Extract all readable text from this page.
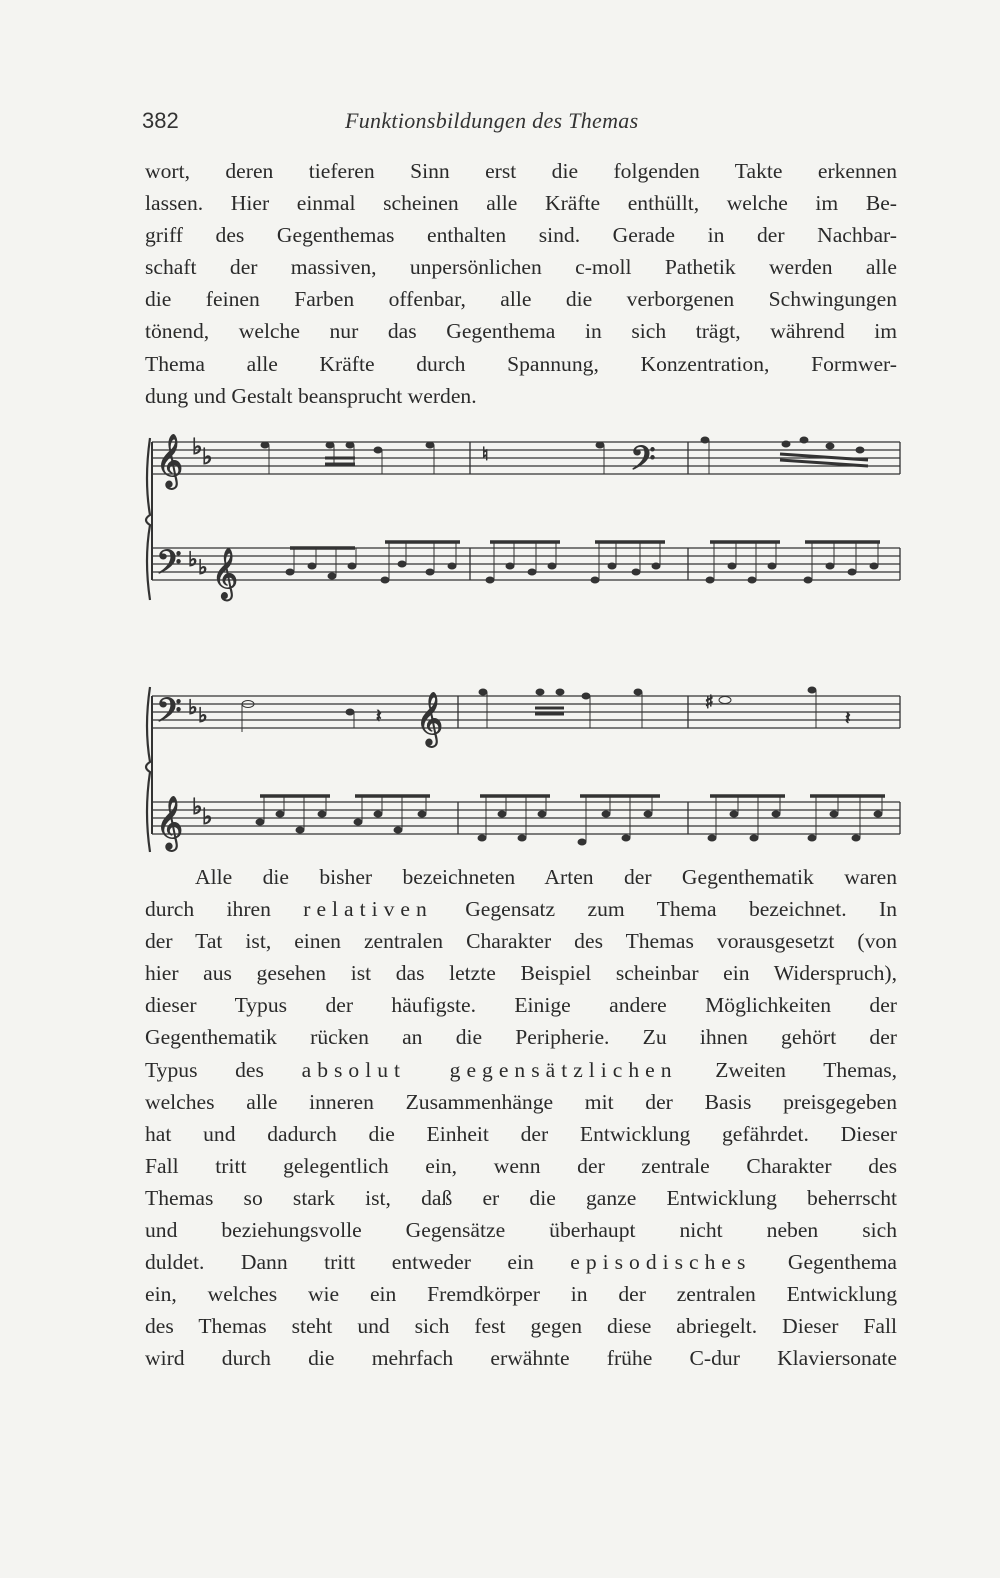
382	Funktionsbildungen des Themas
wort, deren tieferen Sinn erst die folgenden Takte erkennen
lassen. Hier einmal scheinen alle Kräfte enthüllt, welche im Be-
griff des Gegenthemas enthalten sind. Gerade in der Nachbar-
schaft der massiven, unpersönlichen c-moll Pathetik werden alle
die feinen Farben offenbar, alle die verborgenen Schwingungen
tönend, welche nur das Gegenthema in sich trägt, während im
Thema alle Kräfte durch Spannung, Konzentration, Formwer-
dung und Gestalt beansprucht werden.
𝄞 ♭ ♭
𝄢 ♭ ♭ 𝄞
𝄢
♮
𝄢 ♭ ♭	𝄞
𝄞 ♭ ♭
𝄽
♯
𝄽
Alle die bisher bezeichneten Arten der Gegenthematik waren
durch ihren relativen Gegensatz zum Thema bezeichnet. In
der Tat ist, einen zentralen Charakter des Themas vorausgesetzt (von
hier aus gesehen ist das letzte Beispiel scheinbar ein Widerspruch),
dieser Typus der häufigste. Einige andere Möglichkeiten der
Gegenthematik rücken an die Peripherie. Zu ihnen gehört der
Typus des absolut gegensätzlichen Zweiten Themas,
welches alle inneren Zusammenhänge mit der Basis preisgegeben
hat und dadurch die Einheit der Entwicklung gefährdet. Dieser
Fall tritt gelegentlich ein, wenn der zentrale Charakter des
Themas so stark ist, daß er die ganze Entwicklung beherrscht
und beziehungsvolle Gegensätze überhaupt nicht neben sich
duldet. Dann tritt entweder ein episodisches Gegenthema
ein, welches wie ein Fremdkörper in der zentralen Entwicklung
des Themas steht und sich fest gegen diese abriegelt. Dieser Fall
wird durch die mehrfach erwähnte frühe C-dur Klaviersonate
